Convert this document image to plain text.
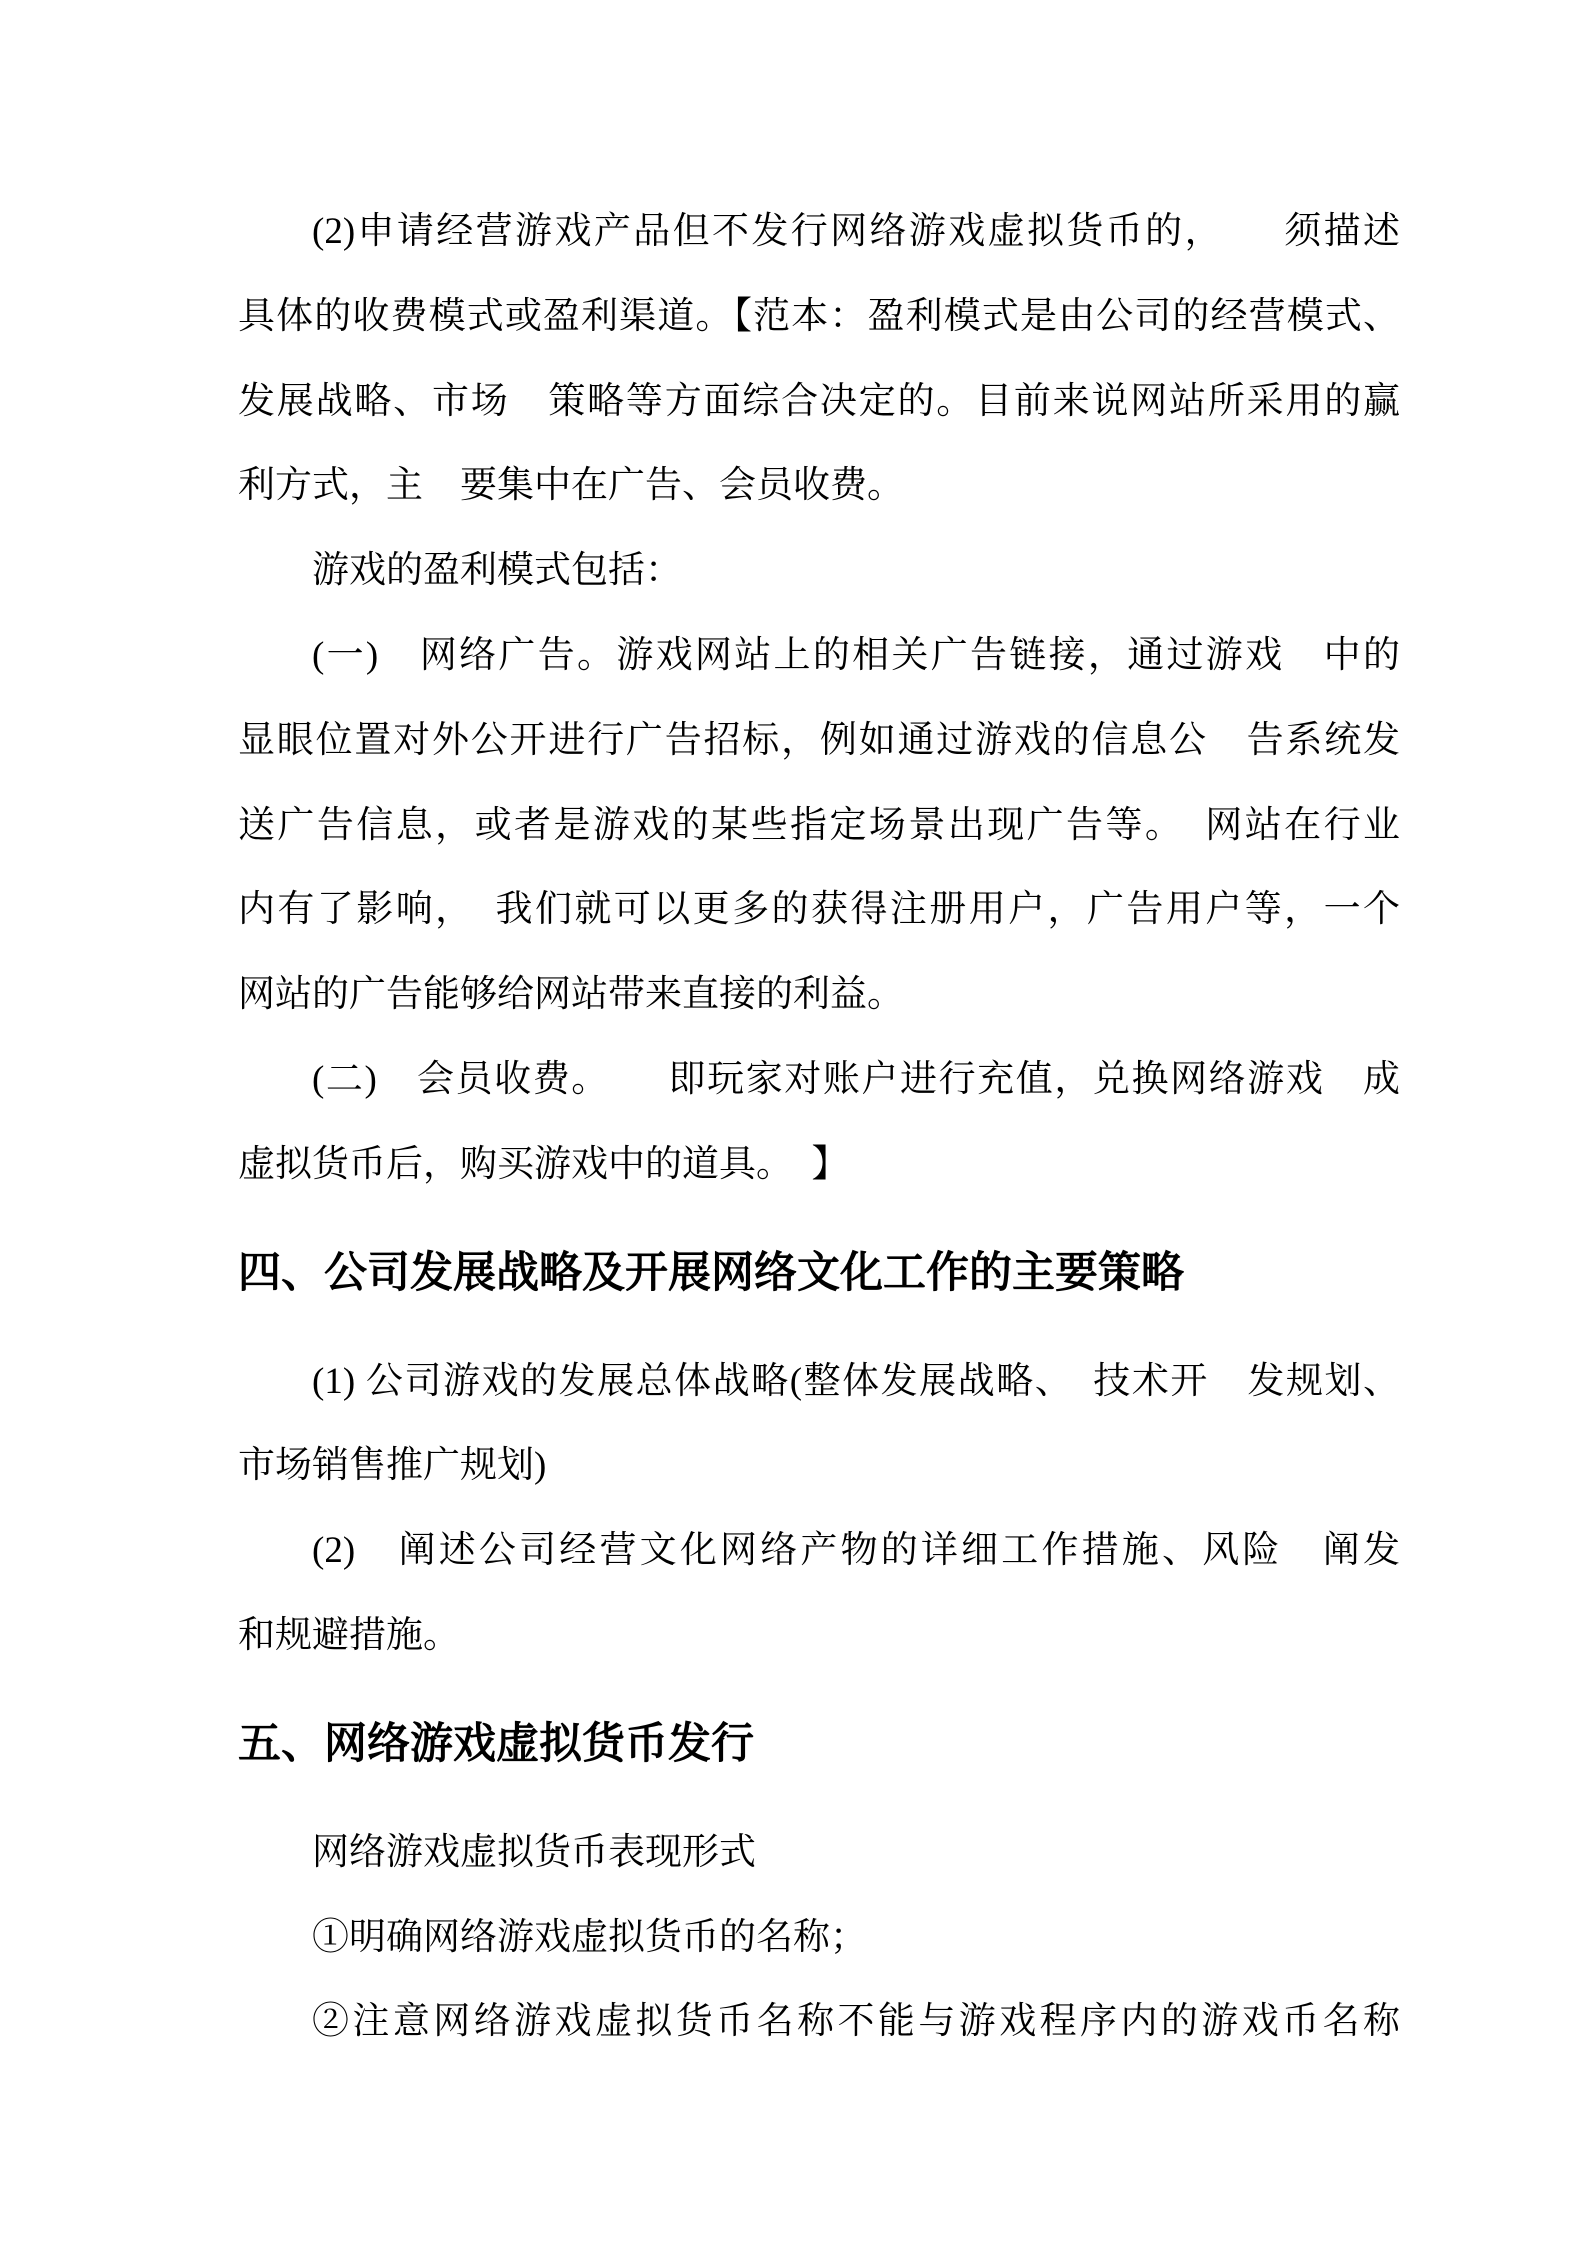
(2)申请经营游戏产品但不发行网络游戏虚拟货币的，　　须描述
具体的收费模式或盈利渠道。【范本：盈利模式是由公司的经营模式、
发展战略、市场　策略等方面综合决定的。目前来说网站所采用的赢
利方式，主　要集中在广告、会员收费。
游戏的盈利模式包括：
(一)　网络广告。游戏网站上的相关广告链接，通过游戏　中的
显眼位置对外公开进行广告招标，例如通过游戏的信息公　告系统发
送广告信息，或者是游戏的某些指定场景出现广告等。　网站在行业
内有了影响，　我们就可以更多的获得注册用户，广告用户等，一个
网站的广告能够给网站带来直接的利益。
(二)　会员收费。　　即玩家对账户进行充值，兑换网络游戏　成
虚拟货币后，购买游戏中的道具。　】
四、公司发展战略及开展网络文化工作的主要策略
(1) 公司游戏的发展总体战略(整体发展战略、　技术开　发规划、
市场销售推广规划)
(2)　阐述公司经营文化网络产物的详细工作措施、风险　阐发
和规避措施。
五、网络游戏虚拟货币发行
网络游戏虚拟货币表现形式
①明确网络游戏虚拟货币的名称；
②注意网络游戏虚拟货币名称不能与游戏程序内的游戏币名称
